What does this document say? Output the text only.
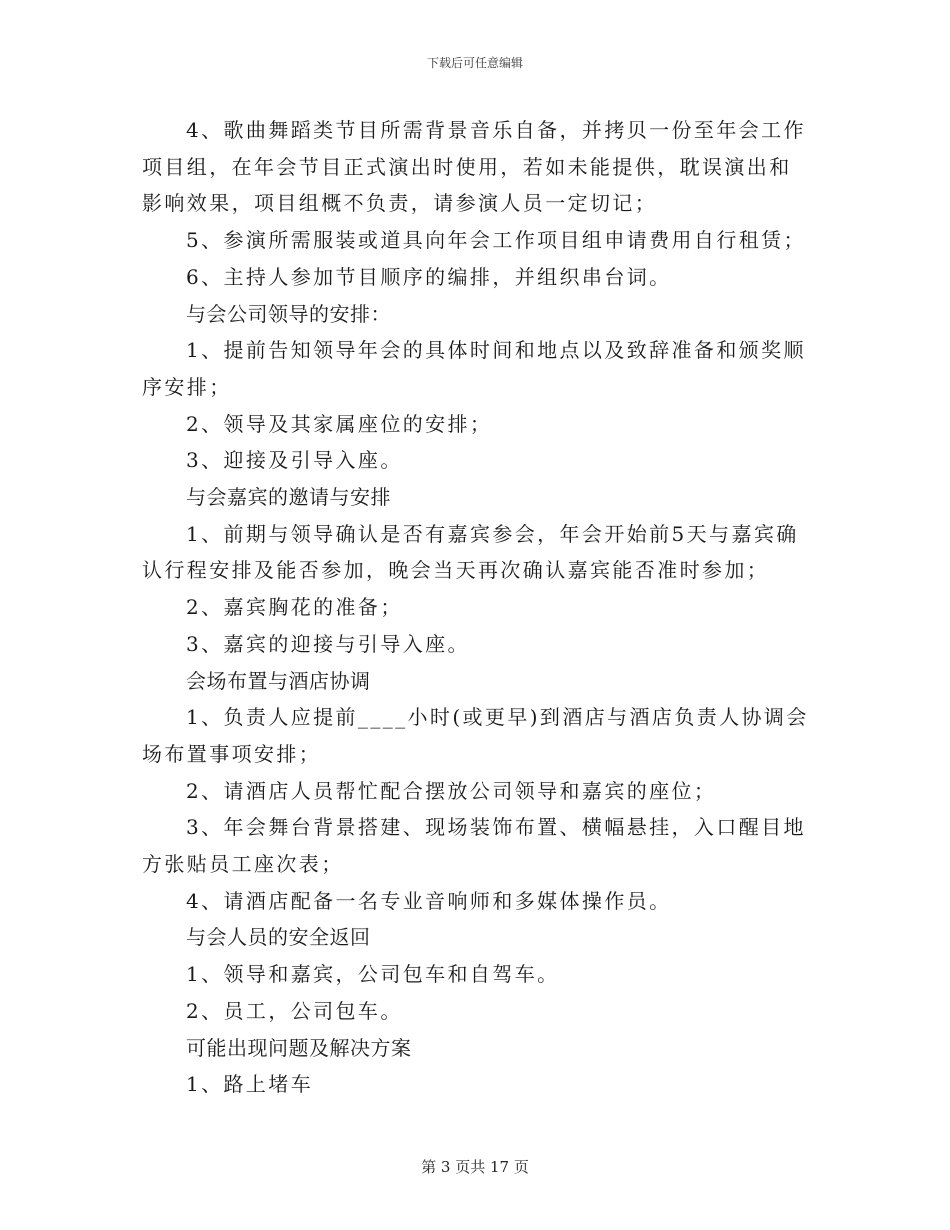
下载后可任意编辑

4、歌曲舞蹈类节目所需背景音乐自备，并拷贝一份至年会工作项目组，在年会节目正式演出时使用，若如未能提供，耽误演出和影响效果，项目组概不负责，请参演人员一定切记；

5、参演所需服装或道具向年会工作项目组申请费用自行租赁；

6、主持人参加节目顺序的编排，并组织串台词。

与会公司领导的安排：

1、提前告知领导年会的具体时间和地点以及致辞准备和颁奖顺序安排；

2、领导及其家属座位的安排；

3、迎接及引导入座。

与会嘉宾的邀请与安排

1、前期与领导确认是否有嘉宾参会，年会开始前5天与嘉宾确认行程安排及能否参加，晚会当天再次确认嘉宾能否准时参加；

2、嘉宾胸花的准备；

3、嘉宾的迎接与引导入座。

会场布置与酒店协调

1、负责人应提前____小时(或更早)到酒店与酒店负责人协调会场布置事项安排；

2、请酒店人员帮忙配合摆放公司领导和嘉宾的座位；

3、年会舞台背景搭建、现场装饰布置、横幅悬挂，入口醒目地方张贴员工座次表；

4、请酒店配备一名专业音响师和多媒体操作员。

与会人员的安全返回

1、领导和嘉宾，公司包车和自驾车。

2、员工，公司包车。

可能出现问题及解决方案

1、路上堵车

第 3 页共 17 页
